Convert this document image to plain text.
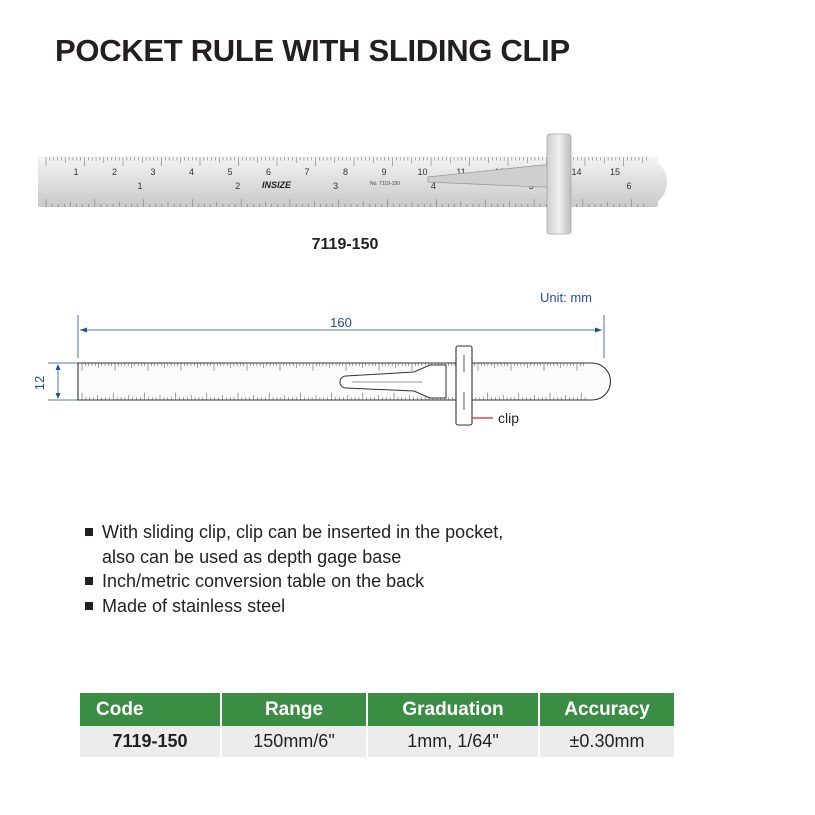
POCKET RULE WITH SLIDING CLIP
1	2	3	4	5	6	7	8	9	10	11	14	15
1	2	3	4	6
INSIZE	No. 7119-150
7119-150
Unit: mm
160
12
clip
With sliding clip, clip can be inserted in the pocket,
also can be used as depth gage base
Inch/metric conversion table on the back
Made of stainless steel
Code	Range	Graduation	Accuracy
7119-150	150mm/6"	1mm, 1/64"	±0.30mm
